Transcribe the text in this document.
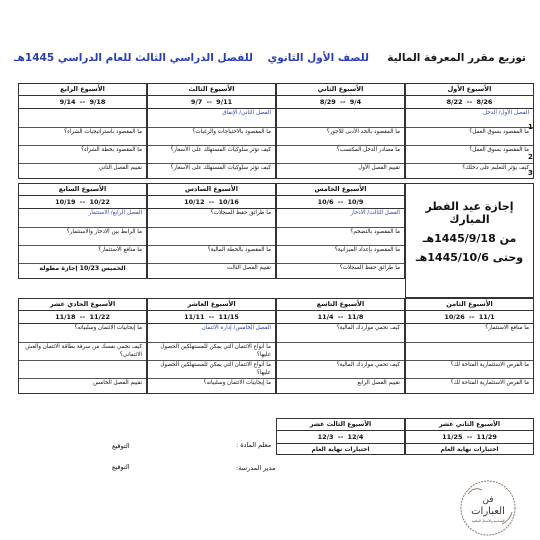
توزيع مقرر المعرفة المالية     للصف الأول الثانوي    للفصل الدراسي الثالث للعام الدراسي 1445هـ
الأسبوع الأول
8/22 -- 8/26
الفصل الأول/ الدخل
ما المقصود بسوق العمل؟
ما المقصود بسوق العمل؟
كيف يؤثر التعليم على دخلك؟
الأسبوع الثاني
8/29 -- 9/4
ما المقصود بالحد الأدنى للأجور؟
ما مصادر الدخل المكتسب؟
تقييم الفصل الأول
الأسبوع الثالث
9/7 -- 9/11
الفصل الثاني/ الإنفاق
ما المقصود بالاحتياجات والرغبات؟
كيف تؤثر سلوكيات المستهلك على الأسعار؟
كيف تؤثر سلوكيات المستهلك على الأسعار؟
الأسبوع الرابع
9/14 -- 9/18
ما المقصود باستراتيجيات الشراء؟
ما المقصود بخطة الشراء؟
تقييم الفصل الثاني
الأسبوع الخامس
10/6 -- 10/9
الفصل الثالث/ الادخار
ما المقصود بالتضخم؟
ما المقصود بإعداد الميزانية؟
ما طرائق حفظ السجلات؟
الأسبوع السادس
10/12 -- 10/16
ما طرائق حفظ السجلات؟
ما المقصود بالخطة المالية؟
تقييم الفصل الثالث
الأسبوع السابع
10/19 -- 10/22
الفصل الرابع/ الاستثمار
ما الرابط بين الادخار والاستثمار؟
ما منافع الاستثمار؟
الخميس 10/23 إجازة مطولة
الأسبوع الثامن
10/26 -- 11/1
ما منافع الاستثمار؟
ما الفرص الاستثمارية المتاحة لك؟
ما الفرص الاستثمارية المتاحة لك؟
الأسبوع التاسع
11/4 -- 11/8
كيف تحمي مواردك المالية؟
كيف تحمي مواردك المالية؟
تقييم الفصل الرابع
الأسبوع العاشر
11/11 -- 11/15
الفصل الخامس/ إدارة الائتمان
ما أنواع الائتمان التي يمكن للمستهلكين الحصول عليها؟
ما أنواع الائتمان التي يمكن للمستهلكين الحصول عليها؟
ما إيجابيات الائتمان وسلبياته؟
الأسبوع الحادي عشر
11/18 -- 11/22
ما إيجابيات الائتمان وسلبياته؟
كيف تحمي نفسك من سرقة بطاقة الائتمان والغش الائتماني؟
تقييم الفصل الخامس
إجازة عيد الفطر المبارك
من 1445/9/18هـ
وحتى 1445/10/6هـ
1
2
3
الأسبوع الثاني عشر
11/25 -- 11/29
اختبارات نهاية العام
الأسبوع الثالث عشر
12/3 -- 12/4
اختبارات نهاية العام
معلم المادة :
مدير المدرسة:
التوقيع
التوقيع
فن
العبارات
للتصاميم والأعمال المكتبية
